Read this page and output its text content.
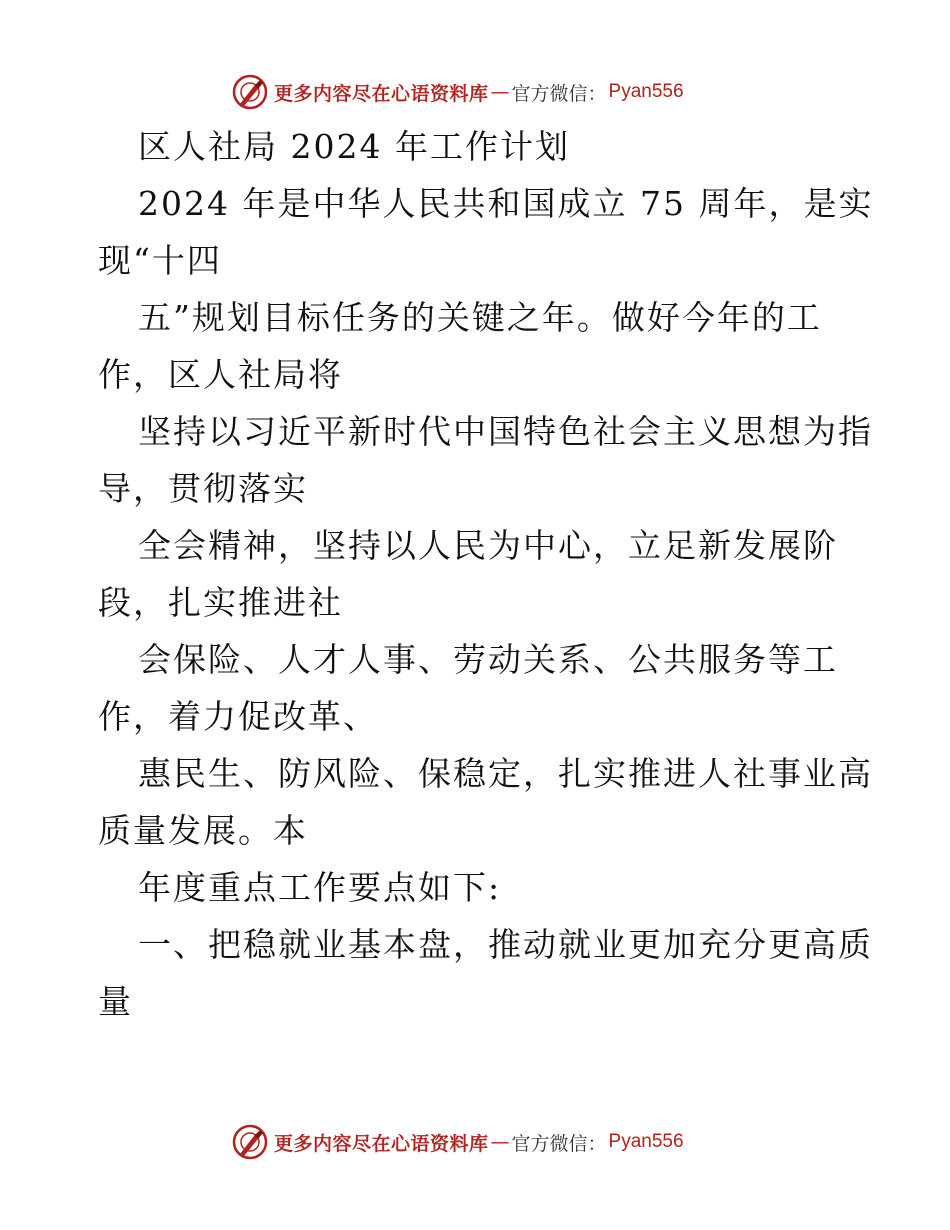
更多内容尽在心语资料库 — 官方微信： Pyan556
区人社局 2024 年工作计划
2024 年是中华人民共和国成立 75 周年，是实
现“十四
五”规划目标任务的关键之年。做好今年的工
作，区人社局将
坚持以习近平新时代中国特色社会主义思想为指
导，贯彻落实
全会精神，坚持以人民为中心，立足新发展阶
段，扎实推进社
会保险、人才人事、劳动关系、公共服务等工
作，着力促改革、
惠民生、防风险、保稳定，扎实推进人社事业高
质量发展。本
年度重点工作要点如下:
一、把稳就业基本盘，推动就业更加充分更高质
量
更多内容尽在心语资料库 — 官方微信： Pyan556
